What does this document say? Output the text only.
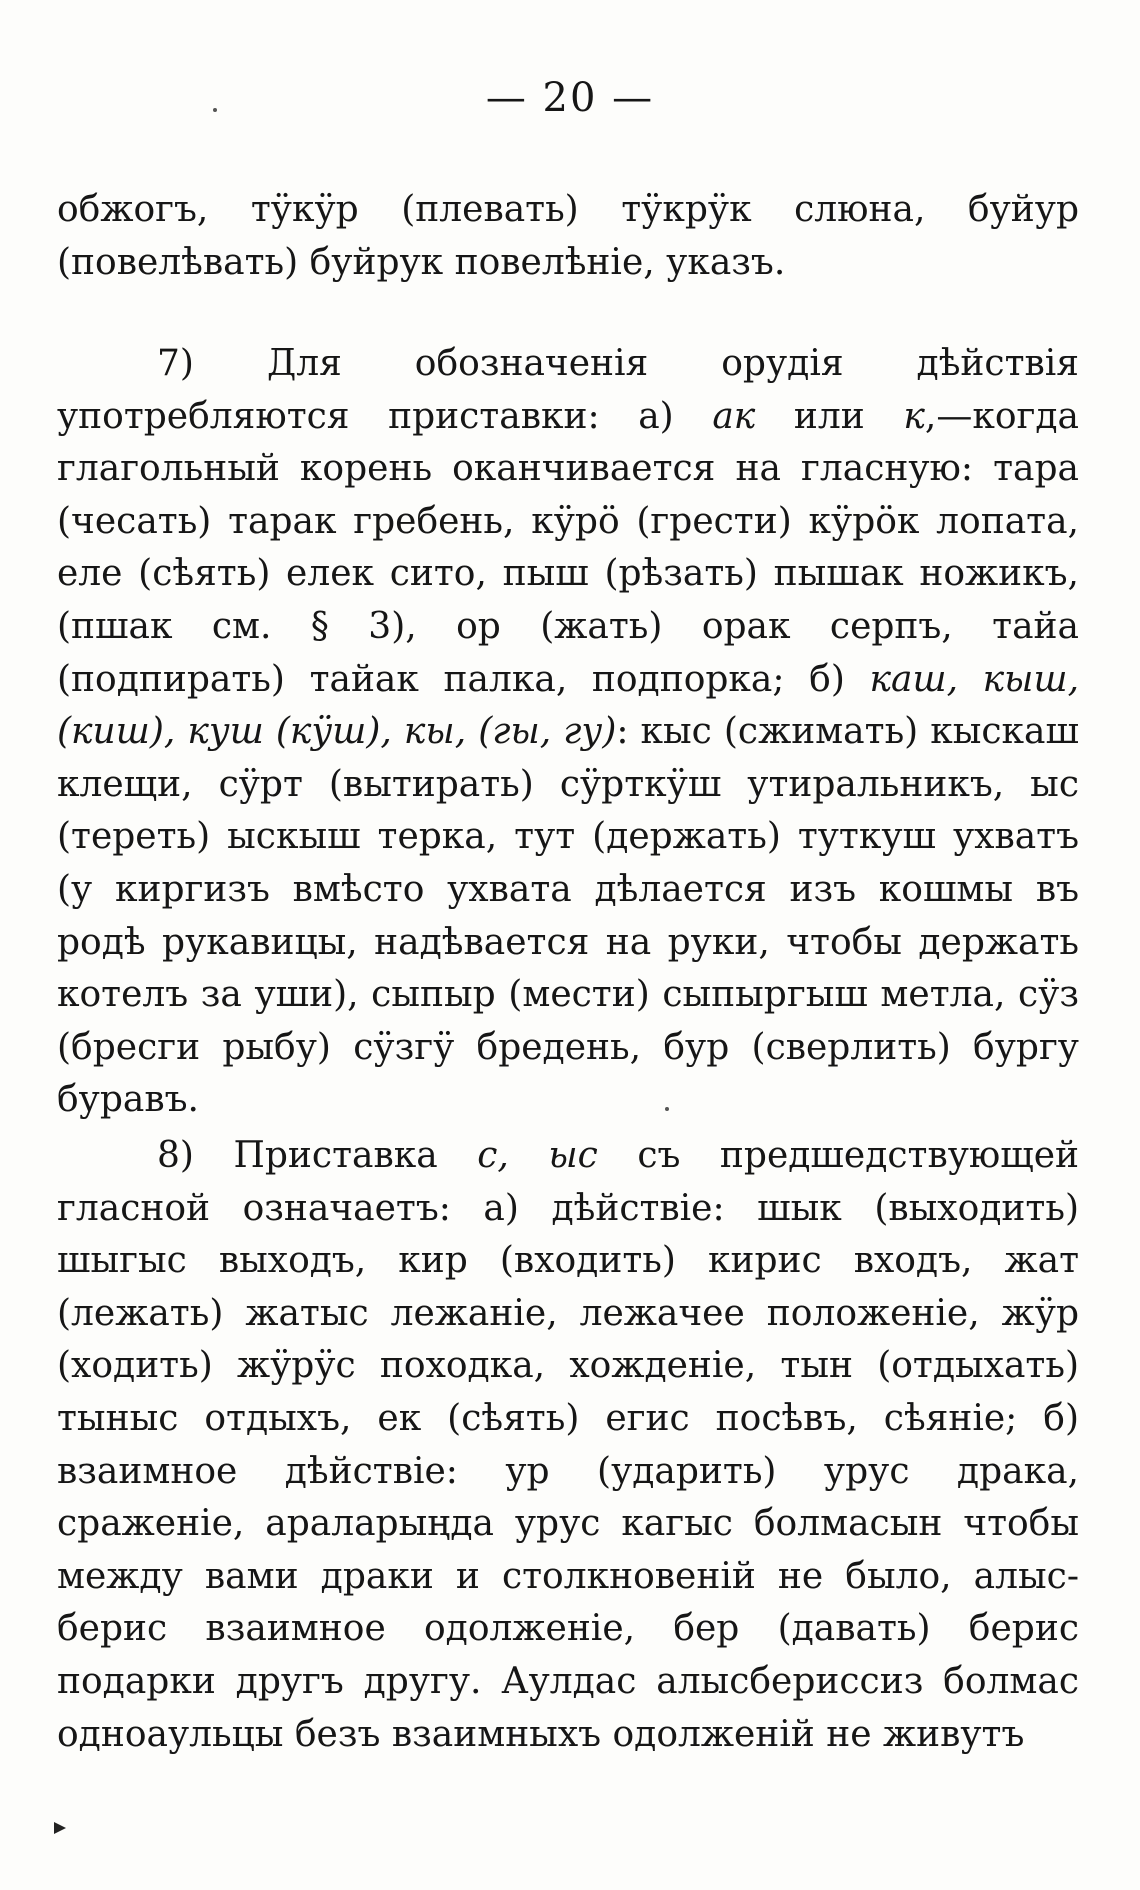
— 20 —

обжогъ, тӱкӱр (плевать) тӱкрӱк слюна, буйур (повелѣвать) буйрук повелѣніе, указъ.

7) Для обозначенія орудія дѣйствія употребляются приставки: а) ак или к,—когда глагольный корень оканчивается на гласную: тара (чесать) тарак гребень, кӱрӧ (грести) кӱрӧк лопата, еле (сѣять) елек сито, пыш (рѣзать) пышак ножикъ, (пшак см. § 3), ор (жать) орак серпъ, тайа (подпирать) тайак палка, подпорка; б) каш, кыш, (киш), куш (кӱш), кы, (гы, гу): кыс (сжимать) кыскаш клещи, сӱрт (вытирать) сӱрткӱш утиральникъ, ыс (тереть) ыскыш терка, тут (держать) туткуш ухватъ (у киргизъ вмѣсто ухвата дѣлается изъ кошмы въ родѣ рукавицы, надѣвается на руки, чтобы держать котелъ за уши), сыпыр (мести) сыпыргыш метла, сӱз (бресги рыбу) сӱзгӱ бредень, бур (сверлить) бургу буравъ.

8) Приставка с, ыс съ предшедствующей гласной означаетъ: а) дѣйствіе: шык (выходить) шыгыс выходъ, кир (входить) кирис входъ, жат (лежать) жатыс лежаніе, лежачее положеніе, жӱр (ходить) жӱрӱс походка, хожденіе, тын (отдыхать) тыныс отдыхъ, ек (сѣять) егис посѣвъ, сѣяніе; б) взаимное дѣйствіе: ур (ударить) урус драка, сраженіе, араларыңда урус кагыс болмасын чтобы между вами драки и столкновеній не было, алыс-берис взаимное одолженіе, бер (давать) берис подарки другъ другу. Аулдас алысберисcиз болмас одноаульцы безъ взаимныхъ одолженій не живутъ
